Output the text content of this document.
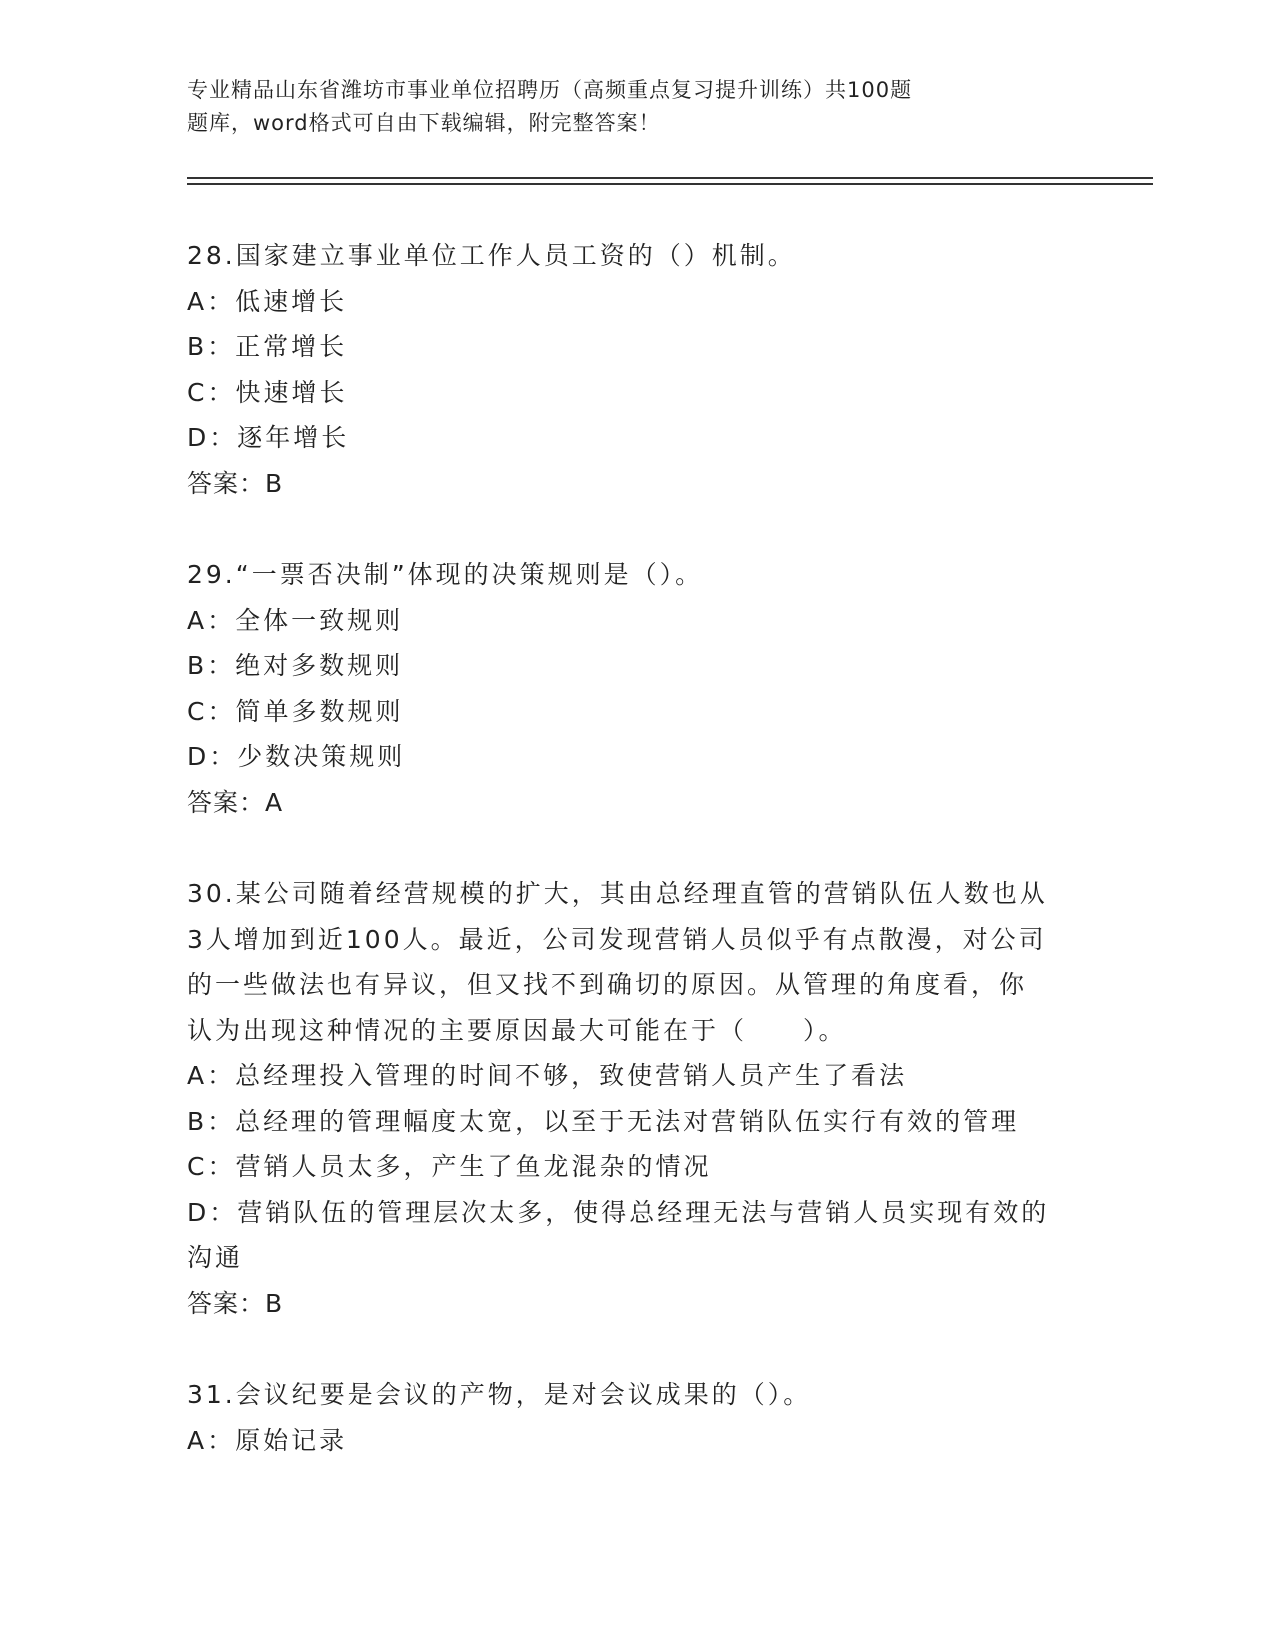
专业精品山东省潍坊市事业单位招聘历（高频重点复习提升训练）共100题
题库，word格式可自由下载编辑，附完整答案！
28.国家建立事业单位工作人员工资的（）机制。
A：低速增长
B：正常增长
C：快速增长
D：逐年增长
答案：B
29.“一票否决制”体现的决策规则是（）。
A：全体一致规则
B：绝对多数规则
C：简单多数规则
D：少数决策规则
答案：A
30.某公司随着经营规模的扩大，其由总经理直管的营销队伍人数也从
3人增加到近100人。最近，公司发现营销人员似乎有点散漫，对公司
的一些做法也有异议，但又找不到确切的原因。从管理的角度看，你
认为出现这种情况的主要原因最大可能在于（　　）。
A：总经理投入管理的时间不够，致使营销人员产生了看法
B：总经理的管理幅度太宽，以至于无法对营销队伍实行有效的管理
C：营销人员太多，产生了鱼龙混杂的情况
D：营销队伍的管理层次太多，使得总经理无法与营销人员实现有效的
沟通
答案：B
31.会议纪要是会议的产物，是对会议成果的（）。
A：原始记录
